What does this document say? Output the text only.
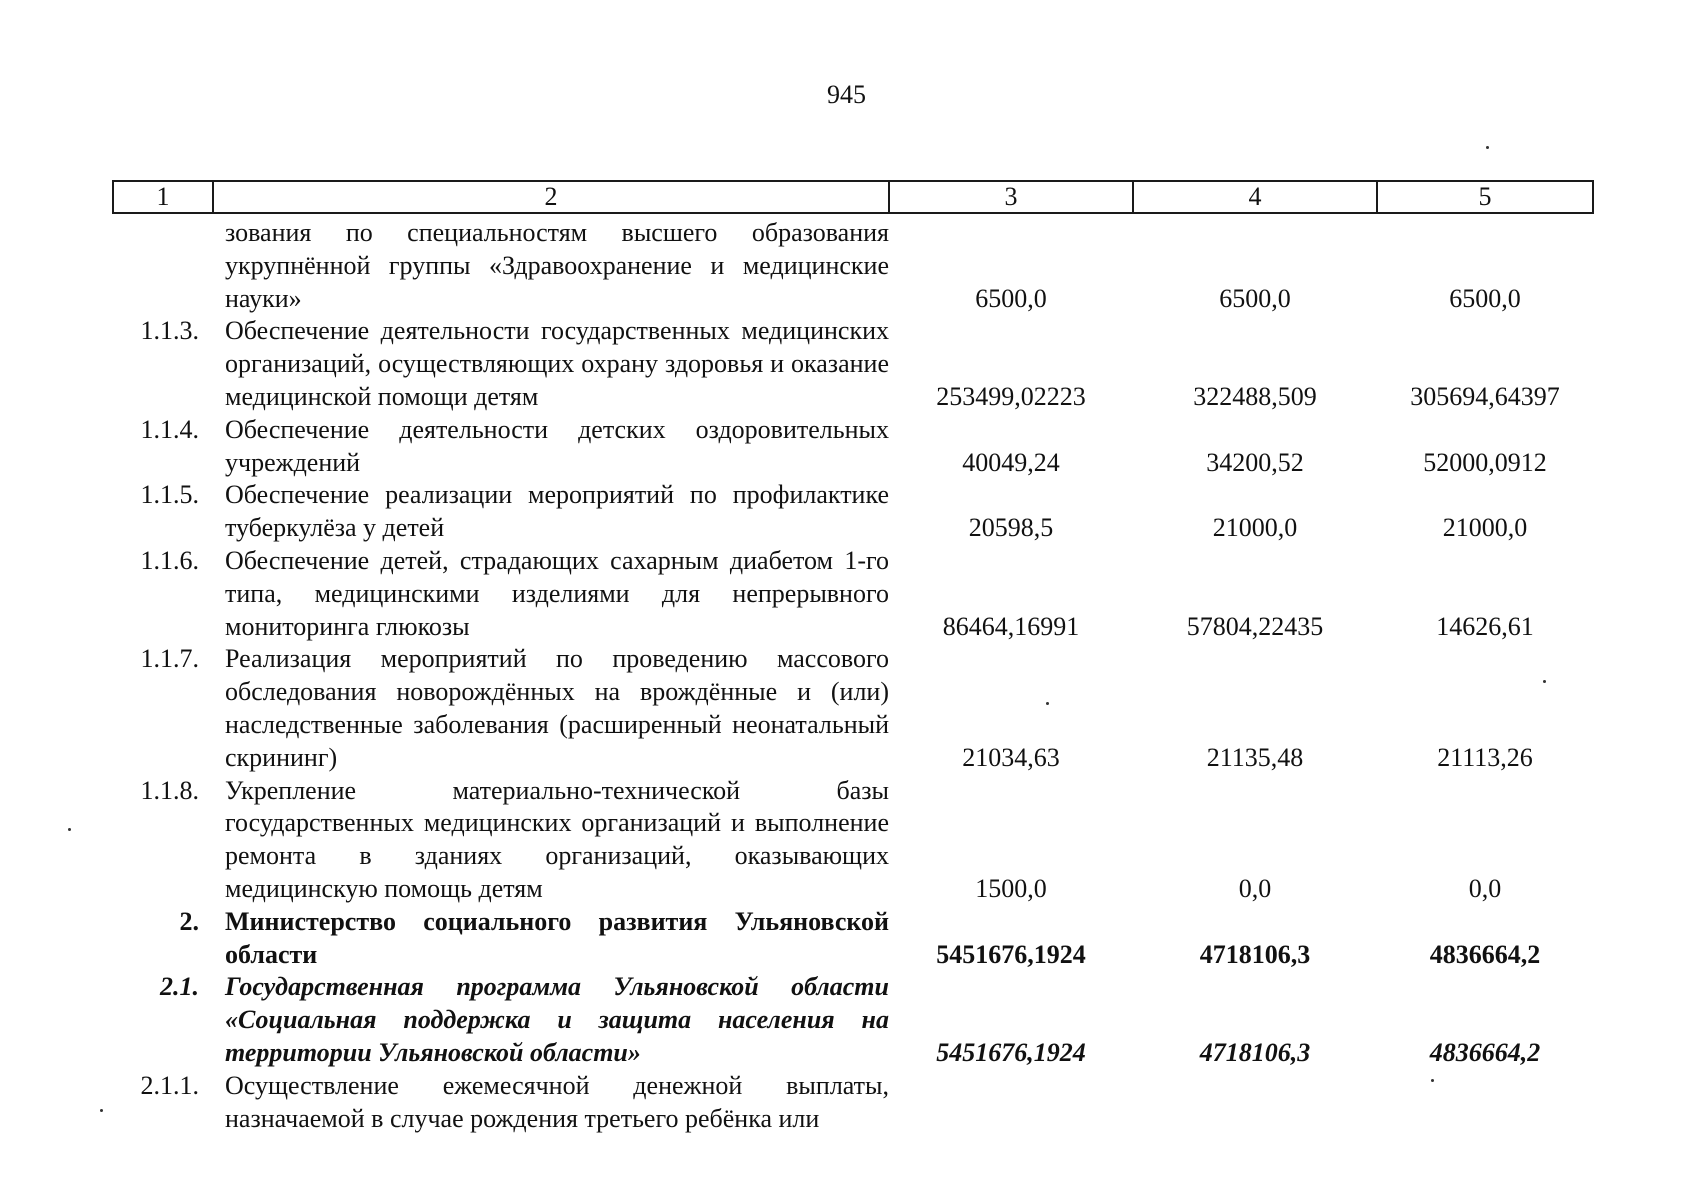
945
1	2	3	4	5
	зования по специальностям высшего образования укрупнённой группы «Здравоохранение и медицинские науки»	6500,0	6500,0	6500,0
1.1.3.	Обеспечение деятельности государственных медицинских организаций, осуществляющих охрану здоровья и оказание медицинской помощи детям	253499,02223	322488,509	305694,64397
1.1.4.	Обеспечение деятельности детских оздоровительных учреждений	40049,24	34200,52	52000,0912
1.1.5.	Обеспечение реализации мероприятий по профилактике туберкулёза у детей	20598,5	21000,0	21000,0
1.1.6.	Обеспечение детей, страдающих сахарным диабетом 1-го типа, медицинскими изделиями для непрерывного мониторинга глюкозы	86464,16991	57804,22435	14626,61
1.1.7.	Реализация мероприятий по проведению массового обследования новорождённых на врождённые и (или) наследственные заболевания (расширенный неонатальный скрининг)	21034,63	21135,48	21113,26
1.1.8.	Укрепление материально-технической базы государственных медицинских организаций и выполнение ремонта в зданиях организаций, оказывающих медицинскую помощь детям	1500,0	0,0	0,0
2.	Министерство социального развития Ульяновской области	5451676,1924	4718106,3	4836664,2
2.1.	Государственная программа Ульяновской области «Социальная поддержка и защита населения на территории Ульяновской области»	5451676,1924	4718106,3	4836664,2
2.1.1.	Осуществление ежемесячной денежной выплаты, назначаемой в случае рождения третьего ребёнка или			
